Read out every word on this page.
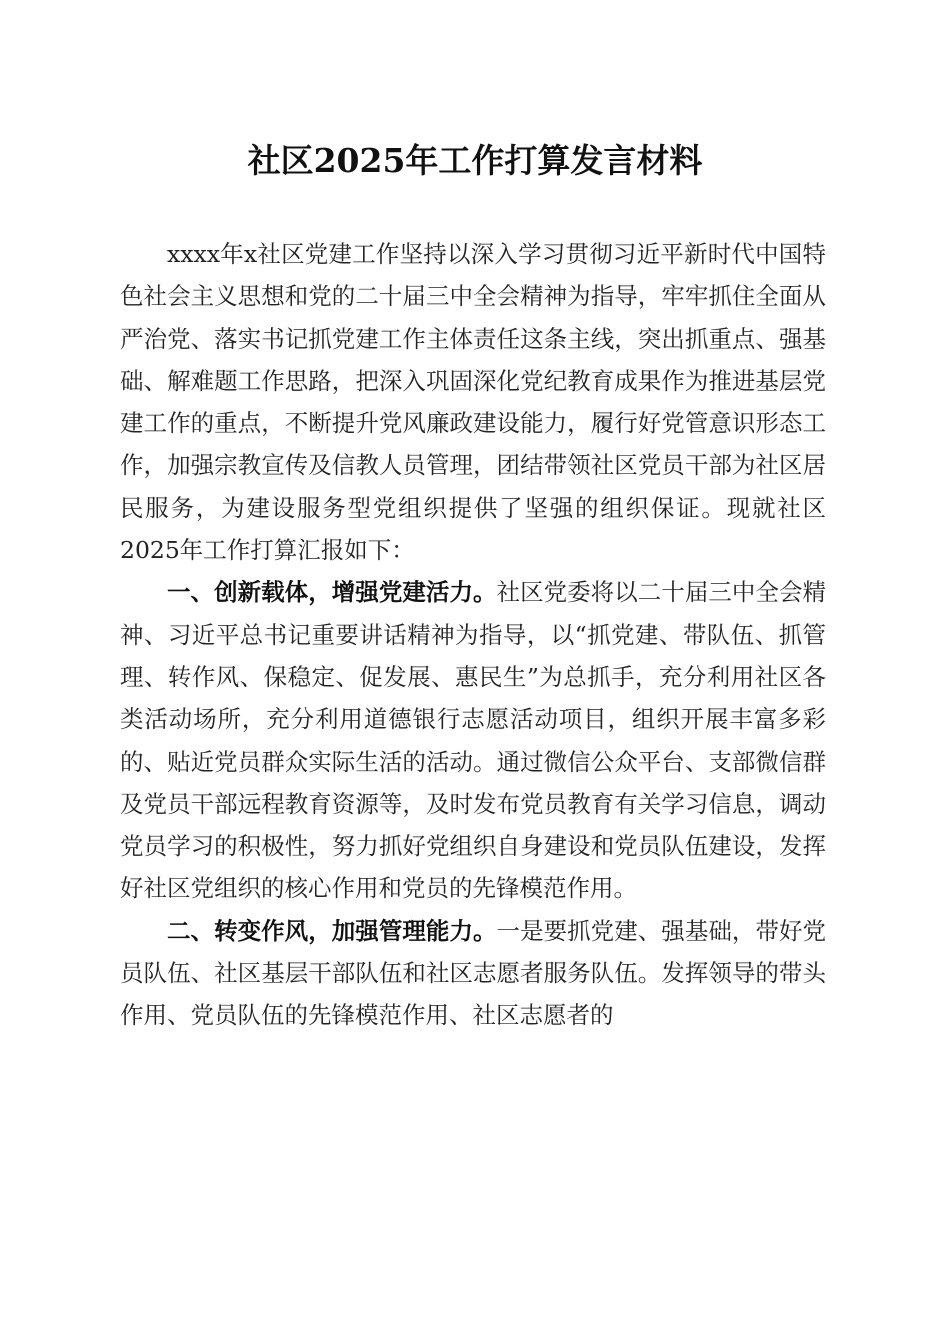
社区2025年工作打算发言材料

xxxx年x社区党建工作坚持以深入学习贯彻习近平新时代中国特色社会主义思想和党的二十届三中全会精神为指导，牢牢抓住全面从严治党、落实书记抓党建工作主体责任这条主线，突出抓重点、强基础、解难题工作思路，把深入巩固深化党纪教育成果作为推进基层党建工作的重点，不断提升党风廉政建设能力，履行好党管意识形态工作，加强宗教宣传及信教人员管理，团结带领社区党员干部为社区居民服务，为建设服务型党组织提供了坚强的组织保证。现就社区2025年工作打算汇报如下：

一、创新载体，增强党建活力。社区党委将以二十届三中全会精神、习近平总书记重要讲话精神为指导，以“抓党建、带队伍、抓管理、转作风、保稳定、促发展、惠民生”为总抓手，充分利用社区各类活动场所，充分利用道德银行志愿活动项目，组织开展丰富多彩的、贴近党员群众实际生活的活动。通过微信公众平台、支部微信群及党员干部远程教育资源等，及时发布党员教育有关学习信息，调动党员学习的积极性，努力抓好党组织自身建设和党员队伍建设，发挥好社区党组织的核心作用和党员的先锋模范作用。

二、转变作风，加强管理能力。一是要抓党建、强基础，带好党员队伍、社区基层干部队伍和社区志愿者服务队伍。发挥领导的带头作用、党员队伍的先锋模范作用、社区志愿者的
